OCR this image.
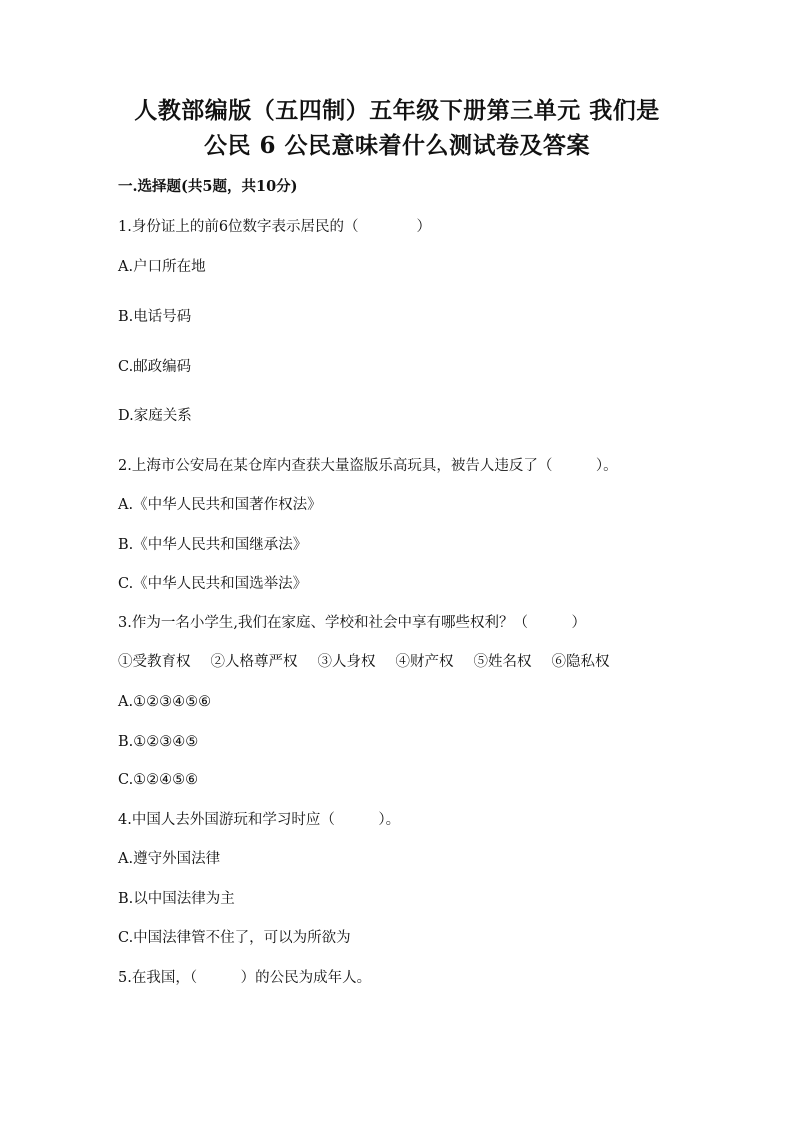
人教部编版（五四制）五年级下册第三单元 我们是
公民 6 公民意味着什么测试卷及答案
一.选择题(共5题，共10分)
1.身份证上的前6位数字表示居民的（　　　　）
A.户口所在地
B.电话号码
C.邮政编码
D.家庭关系
2.上海市公安局在某仓库内查获大量盗版乐高玩具，被告人违反了（　　　）。
A.《中华人民共和国著作权法》
B.《中华人民共和国继承法》
C.《中华人民共和国选举法》
3.作为一名小学生,我们在家庭、学校和社会中享有哪些权利？（　　　）
①受教育权 ②人格尊严权 ③人身权 ④财产权 ⑤姓名权 ⑥隐私权
A.①②③④⑤⑥
B.①②③④⑤
C.①②④⑤⑥
4.中国人去外国游玩和学习时应（　　　）。
A.遵守外国法律
B.以中国法律为主
C.中国法律管不住了，可以为所欲为
5.在我国，（　　　）的公民为成年人。
